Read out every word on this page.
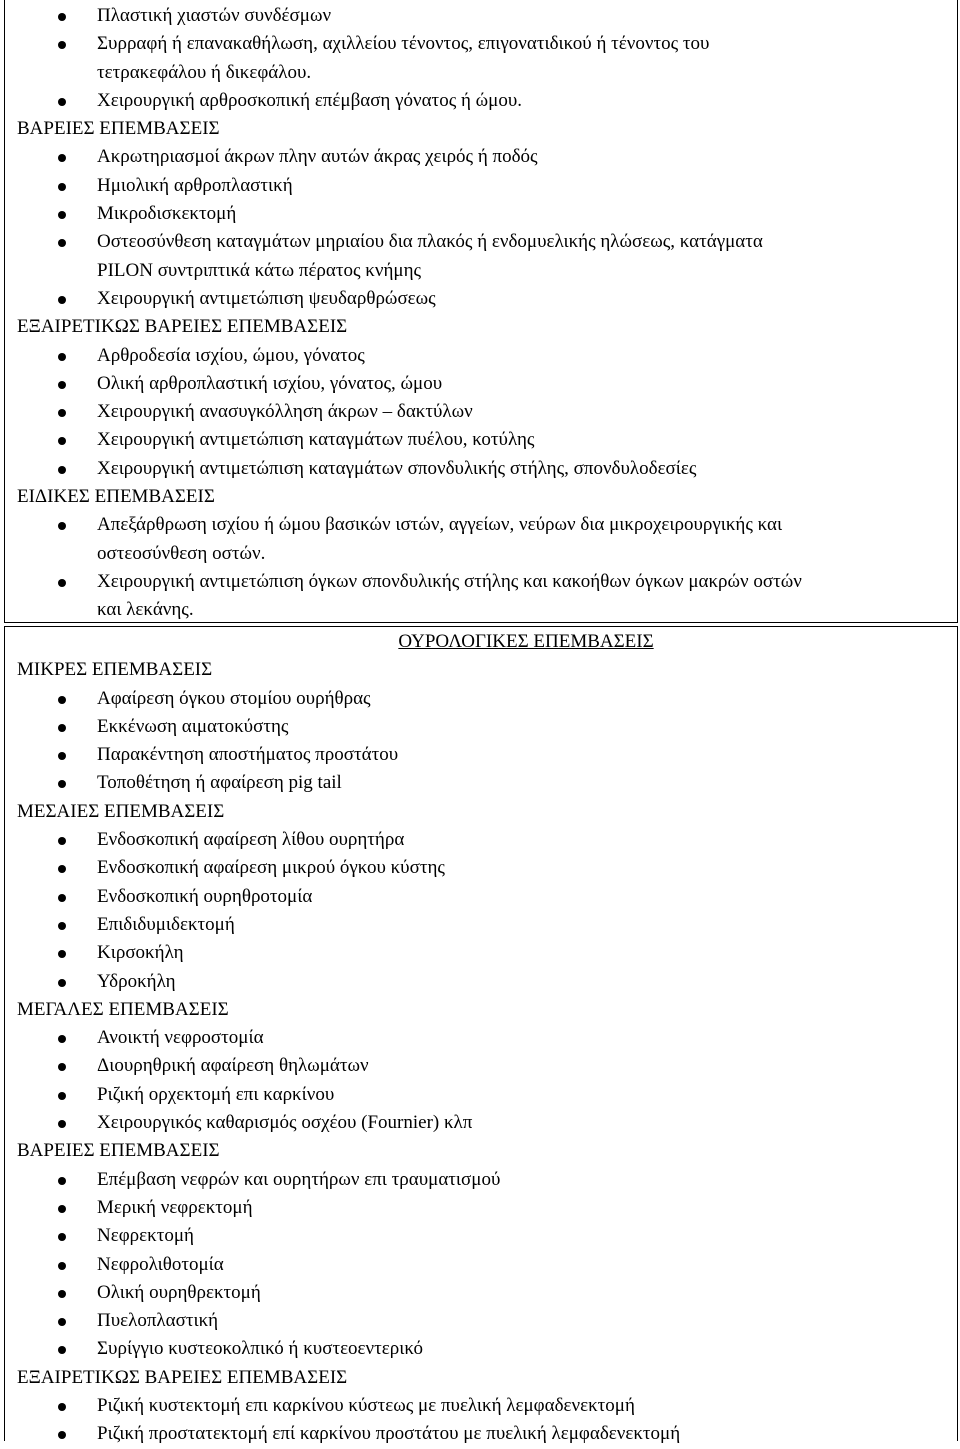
Πλαστική χιαστών συνδέσμων
Συρραφή ή επανακαθήλωση, αχιλλείου τένοντος, επιγονατιδικού ή τένοντος του
τετρακεφάλου ή δικεφάλου.
Χειρουργική αρθροσκοπική επέμβαση γόνατος ή ώμου.
ΒΑΡΕΙΕΣ ΕΠΕΜΒΑΣΕΙΣ
Ακρωτηριασμοί άκρων πλην αυτών άκρας χειρός ή ποδός
Ημιολική αρθροπλαστική
Μικροδισκεκτομή
Οστεοσύνθεση καταγμάτων μηριαίου δια πλακός ή ενδομυελικής ηλώσεως, κατάγματα
PILON συντριπτικά κάτω πέρατος κνήμης
Χειρουργική αντιμετώπιση ψευδαρθρώσεως
ΕΞΑΙΡΕΤΙΚΩΣ ΒΑΡΕΙΕΣ ΕΠΕΜΒΑΣΕΙΣ
Αρθροδεσία ισχίου, ώμου, γόνατος
Ολική αρθροπλαστική ισχίου, γόνατος, ώμου
Χειρουργική ανασυγκόλληση άκρων – δακτύλων
Χειρουργική αντιμετώπιση καταγμάτων πυέλου, κοτύλης
Χειρουργική αντιμετώπιση καταγμάτων σπονδυλικής στήλης, σπονδυλοδεσίες
ΕΙΔΙΚΕΣ ΕΠΕΜΒΑΣΕΙΣ
Απεξάρθρωση ισχίου ή ώμου βασικών ιστών, αγγείων, νεύρων δια μικροχειρουργικής και
οστεοσύνθεση οστών.
Χειρουργική αντιμετώπιση όγκων σπονδυλικής στήλης και κακοήθων όγκων μακρών οστών
και λεκάνης.
ΟΥΡΟΛΟΓΙΚΕΣ ΕΠΕΜΒΑΣΕΙΣ
ΜΙΚΡΕΣ ΕΠΕΜΒΑΣΕΙΣ
Αφαίρεση όγκου στομίου ουρήθρας
Εκκένωση αιματοκύστης
Παρακέντηση αποστήματος προστάτου
Τοποθέτηση ή αφαίρεση pig tail
ΜΕΣΑΙΕΣ ΕΠΕΜΒΑΣΕΙΣ
Ενδοσκοπική αφαίρεση λίθου ουρητήρα
Ενδοσκοπική αφαίρεση μικρού όγκου κύστης
Ενδοσκοπική ουρηθροτομία
Επιδιδυμιδεκτομή
Κιρσοκήλη
Υδροκήλη
ΜΕΓΑΛΕΣ ΕΠΕΜΒΑΣΕΙΣ
Ανοικτή νεφροστομία
Διουρηθρική αφαίρεση θηλωμάτων
Ριζική ορχεκτομή επι καρκίνου
Χειρουργικός καθαρισμός οσχέου (Fournier) κλπ
ΒΑΡΕΙΕΣ ΕΠΕΜΒΑΣΕΙΣ
Επέμβαση νεφρών και ουρητήρων επι τραυματισμού
Μερική νεφρεκτομή
Νεφρεκτομή
Νεφρολιθοτομία
Ολική ουρηθρεκτομή
Πυελοπλαστική
Συρίγγιο κυστεοκολπικό ή κυστεοεντερικό
ΕΞΑΙΡΕΤΙΚΩΣ ΒΑΡΕΙΕΣ ΕΠΕΜΒΑΣΕΙΣ
Ριζική κυστεκτομή επι καρκίνου κύστεως με πυελική λεμφαδενεκτομή
Ριζική προστατεκτομή επί καρκίνου προστάτου με πυελική λεμφαδενεκτομή
